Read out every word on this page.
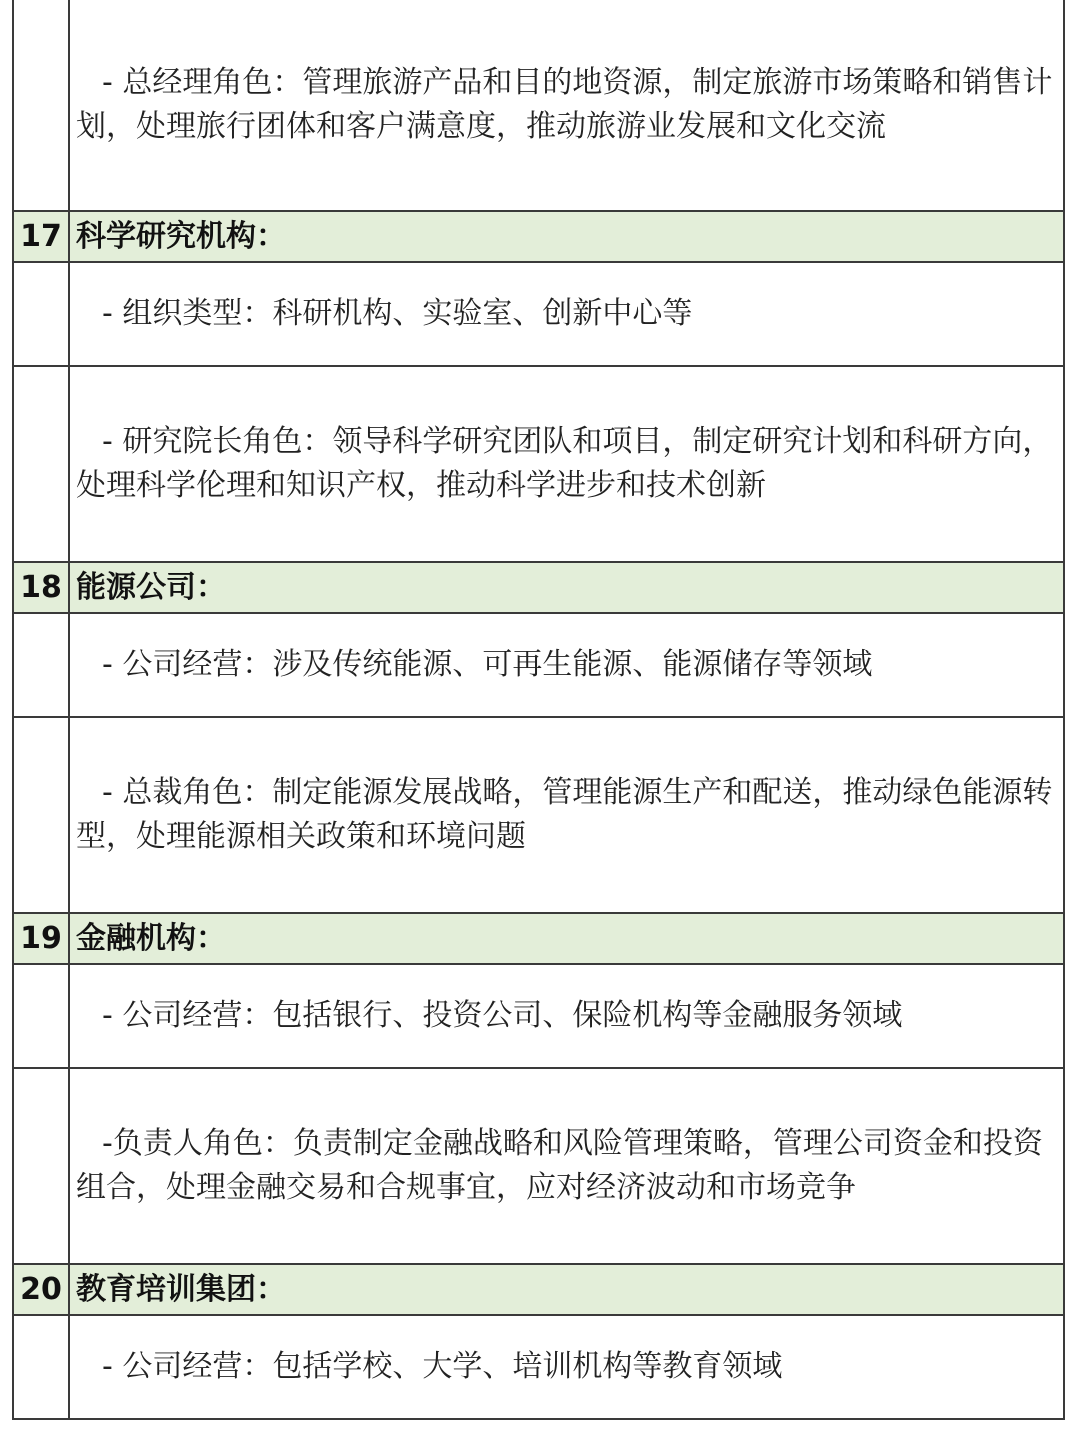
	- 总经理角色：管理旅游产品和目的地资源，制定旅游市场策略和销售计划，处理旅行团体和客户满意度，推动旅游业发展和文化交流
17	科学研究机构：
	- 组织类型：科研机构、实验室、创新中心等
	- 研究院长角色：领导科学研究团队和项目，制定研究计划和科研方向，处理科学伦理和知识产权，推动科学进步和技术创新
18	能源公司：
	- 公司经营：涉及传统能源、可再生能源、能源储存等领域
	- 总裁角色：制定能源发展战略，管理能源生产和配送，推动绿色能源转型，处理能源相关政策和环境问题
19	金融机构：
	- 公司经营：包括银行、投资公司、保险机构等金融服务领域
	-负责人角色：负责制定金融战略和风险管理策略，管理公司资金和投资组合，处理金融交易和合规事宜，应对经济波动和市场竞争
20	教育培训集团：
	- 公司经营：包括学校、大学、培训机构等教育领域
